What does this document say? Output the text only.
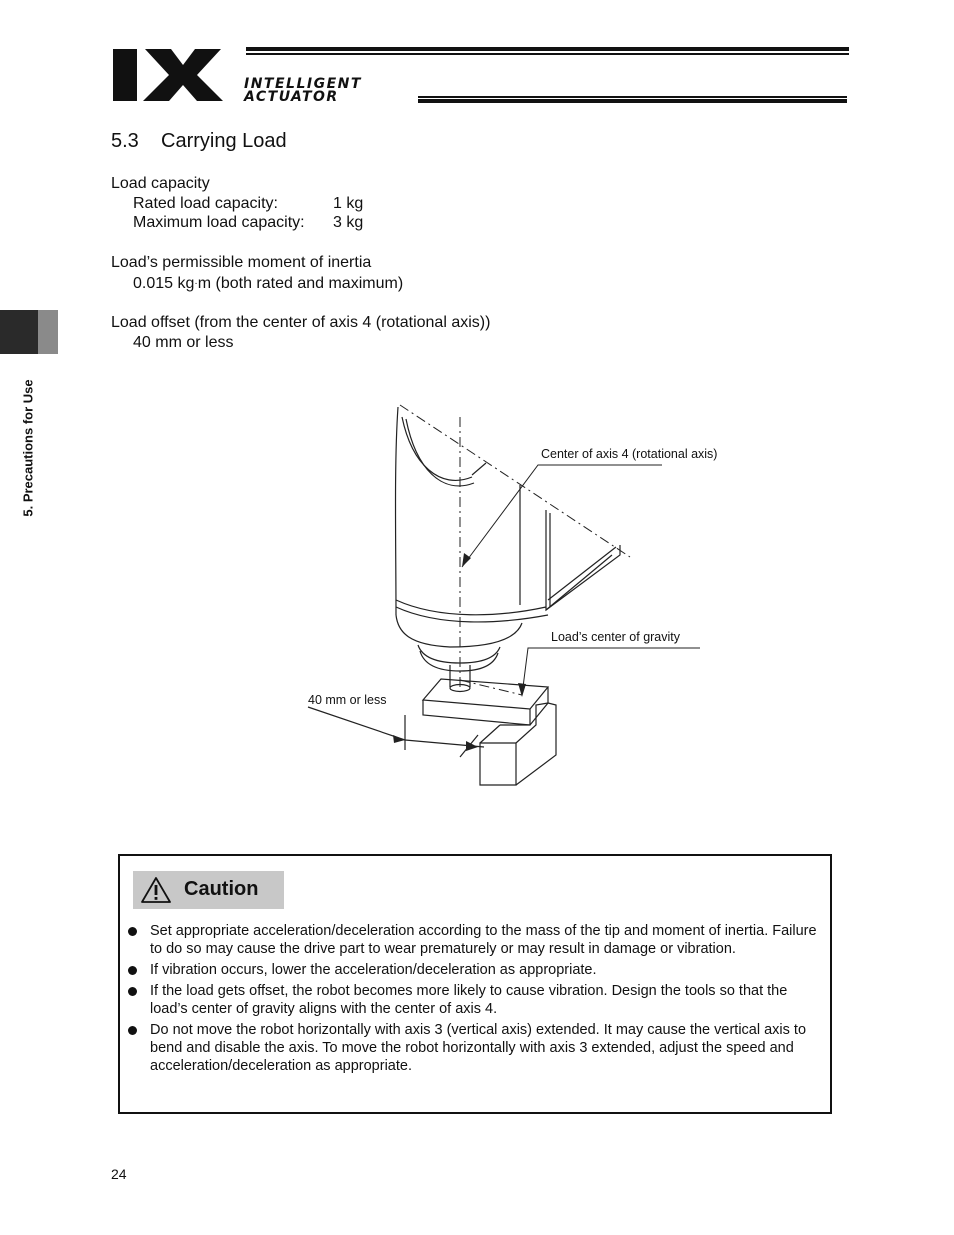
INTELLIGENT
ACTUATOR
5. Precautions for Use
5.3    Carrying Load
Load capacity
Rated load capacity:	1 kg
Maximum load capacity: 3 kg
Load’s permissible moment of inertia
0.015 kg·m (both rated and maximum)
Load offset (from the center of axis 4 (rotational axis))
40 mm or less
Center of axis 4 (rotational axis)
Load’s center of gravity
40 mm or less
Caution
Set appropriate acceleration/deceleration according to the mass of the tip and moment of inertia. Failure to do so may cause the drive part to wear prematurely or may result in damage or vibration.
If vibration occurs, lower the acceleration/deceleration as appropriate.
If the load gets offset, the robot becomes more likely to cause vibration. Design the tools so that the load’s center of gravity aligns with the center of axis 4.
Do not move the robot horizontally with axis 3 (vertical axis) extended. It may cause the vertical axis to bend and disable the axis. To move the robot horizontally with axis 3 extended, adjust the speed and acceleration/deceleration as appropriate.
24
